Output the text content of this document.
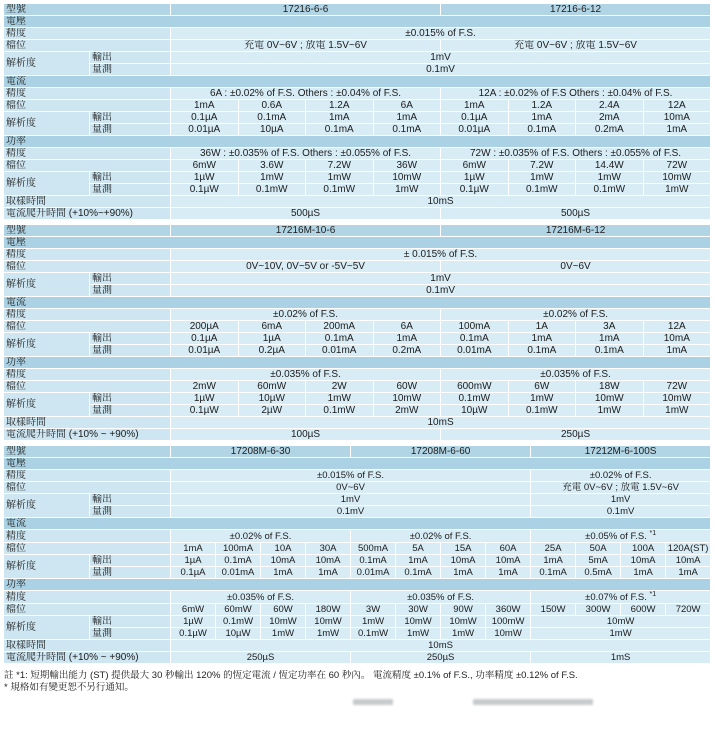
型號		17216-6-6				17216-6-12			
電壓									
精度		±0.015% of F.S.							
檔位		充電 0V~6V ; 放電 1.5V~6V				充電 0V~6V ; 放電 1.5V~6V			
解析度	輸出	1mV							
	量測	0.1mV							
電流									
精度		6A : ±0.02% of F.S. Others : ±0.04% of F.S.				12A : ±0.02% of F.S Others : ±0.04% of F.S.			
檔位		1mA	0.6A	1.2A	6A	1mA	1.2A	2.4A	12A
解析度	輸出	0.1µA	0.1mA	1mA	1mA	0.1µA	1mA	2mA	10mA
	量測	0.01µA	10µA	0.1mA	0.1mA	0.01µA	0.1mA	0.2mA	1mA
功率									
精度		36W : ±0.035% of F.S. Others : ±0.055% of F.S.				72W : ±0.035% of F.S. Others : ±0.055% of F.S.			
檔位		6mW	3.6W	7.2W	36W	6mW	7.2W	14.4W	72W
解析度	輸出	1µW	1mW	1mW	10mW	1µW	1mW	1mW	10mW
	量測	0.1µW	0.1mW	0.1mW	1mW	0.1µW	0.1mW	0.1mW	1mW
取樣時間		10mS							
電流爬升時間 (+10%~+90%)		500µS				500µS			
型號		17216M-10-6				17216M-6-12			
電壓									
精度		± 0.015% of F.S.							
檔位		0V~10V, 0V~5V or -5V~5V				0V~6V			
解析度	輸出	1mV							
	量測	0.1mV							
電流									
精度		±0.02% of F.S.				±0.02% of F.S.			
檔位		200µA	6mA	200mA	6A	100mA	1A	3A	12A
解析度	輸出	0.1µA	1µA	0.1mA	1mA	0.1mA	1mA	1mA	10mA
	量測	0.01µA	0.2µA	0.01mA	0.2mA	0.01mA	0.1mA	0.1mA	1mA
功率									
精度		±0.035% of F.S.				±0.035% of F.S.			
檔位		2mW	60mW	2W	60W	600mW	6W	18W	72W
解析度	輸出	1µW	10µW	1mW	10mW	0.1mW	1mW	10mW	10mW
	量測	0.1µW	2µW	0.1mW	2mW	10µW	0.1mW	1mW	1mW
取樣時間		10mS							
電流爬升時間 (+10% ~ +90%)		100µS				250µS			
型號		17208M-6-30				17208M-6-60				17212M-6-100S			
電壓													
精度		±0.015% of F.S.								±0.02% of F.S.			
檔位		0V~6V								充電 0V~6V ; 放電 1.5V~6V			
解析度	輸出	1mV								1mV			
	量測	0.1mV								0.1mV			
電流													
精度		±0.02% of F.S.				±0.02% of F.S.				±0.05% of F.S. $^{*1}$
檔位		1mA	100mA	10A	30A	500mA	5A	15A	60A	25A	50A	100A	120A(ST)
解析度	輸出	1µA	0.1mA	10mA	10mA	0.1mA	1mA	10mA	10mA	1mA	5mA	10mA	10mA
	量測	0.1µA	0.01mA	1mA	1mA	0.01mA	0.1mA	1mA	1mA	0.1mA	0.5mA	1mA	1mA
功率													
精度		±0.035% of F.S.				±0.035% of F.S.				±0.07% of F.S. $^{*1}$
檔位		6mW	60mW	60W	180W	3W	30W	90W	360W	150W	300W	600W	720W
解析度	輸出	1µW	0.1mW	10mW	10mW	1mW	10mW	10mW	100mW	10mW			
	量測	0.1µW	10µW	1mW	1mW	0.1mW	1mW	1mW	10mW	1mW			
取樣時間		10mS											
電流爬升時間 (+10% ~ +90%)		250µS				250µS				1mS			
註 *1: 短期輸出能力 (ST) 提供最大 30 秒輸出 120% 的恆定電流 / 恆定功率在 60 秒內。 電流精度 ±0.1% of F.S., 功率精度 ±0.12% of F.S.
* 規格如有變更恕不另行通知。
